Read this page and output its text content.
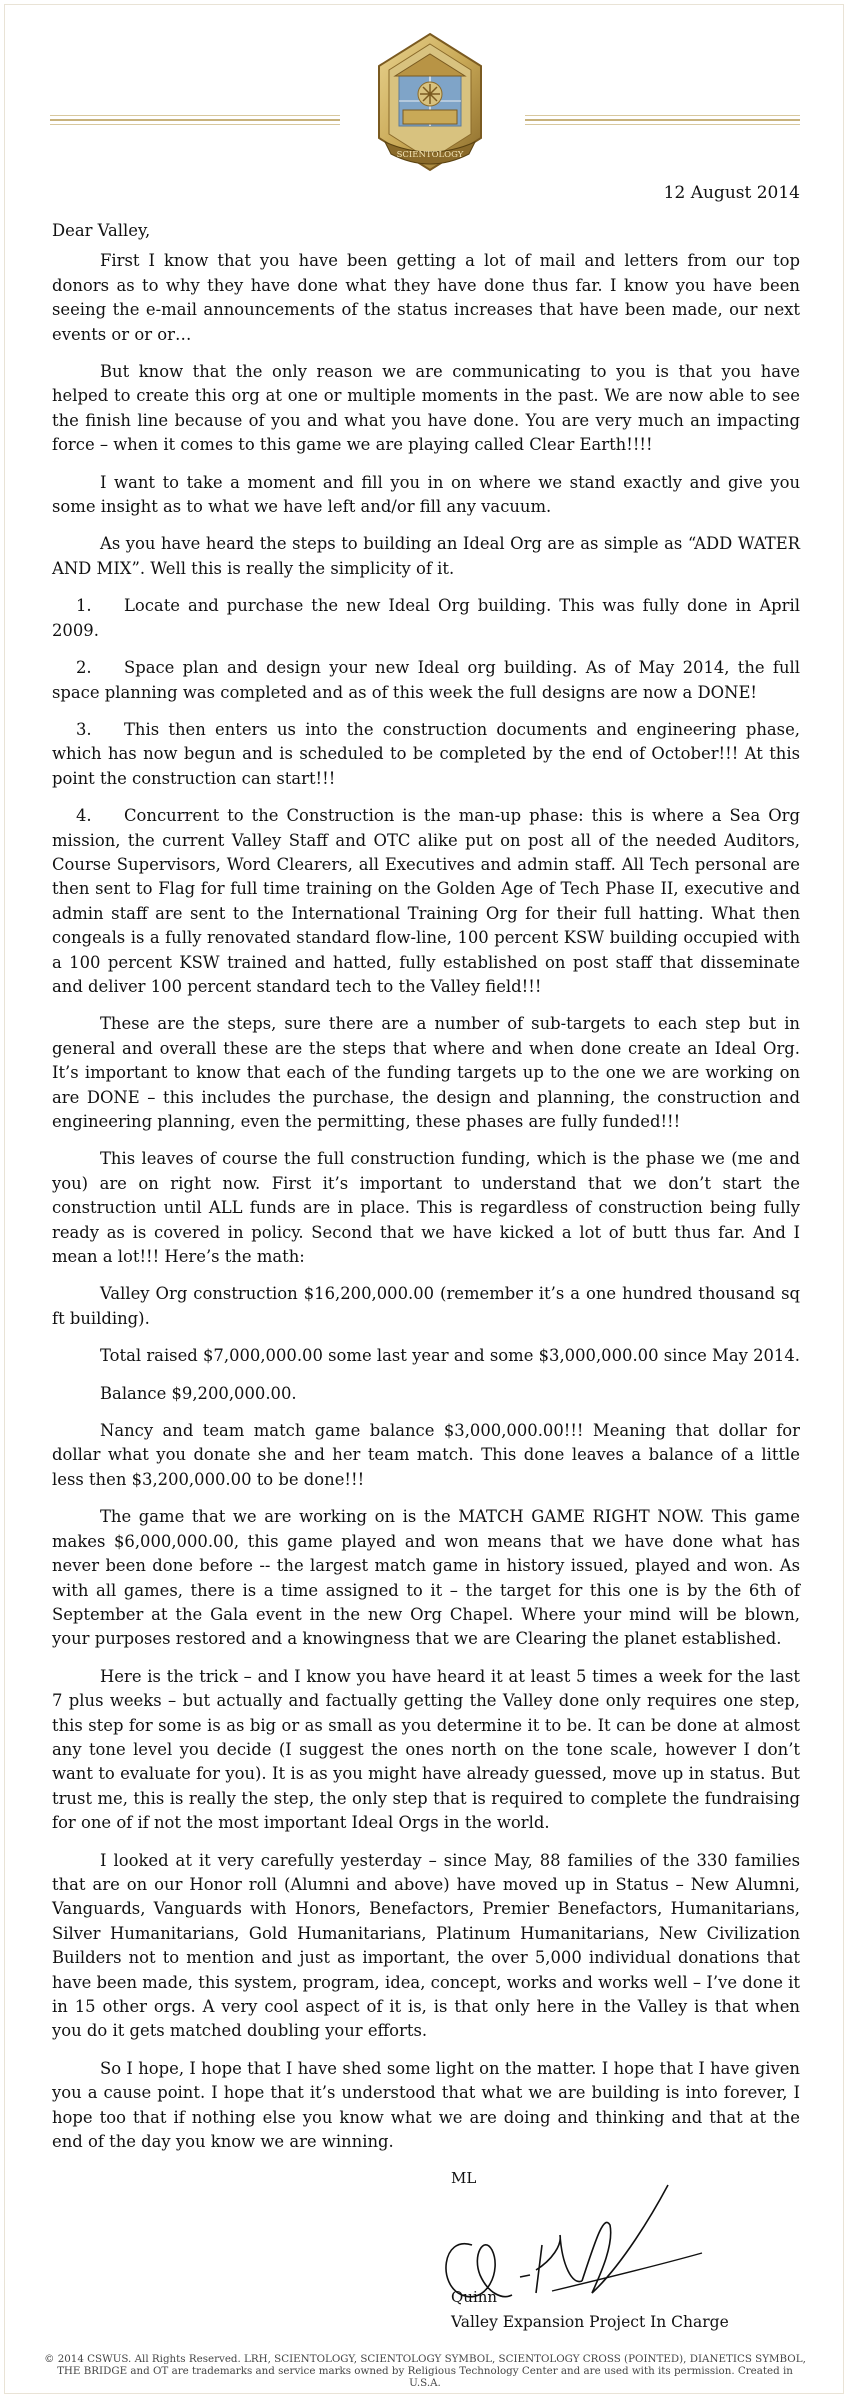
SCIENTOLOGY
12 August 2014

Dear Valley,

First I know that you have been getting a lot of mail and letters from our top donors as to why they have done what they have done thus far. I know you have been seeing the e-mail announcements of the status increases that have been made, our next events or or or…

But know that the only reason we are communicating to you is that you have helped to create this org at one or multiple moments in the past. We are now able to see the finish line because of you and what you have done. You are very much an impacting force – when it comes to this game we are playing called Clear Earth!!!!

I want to take a moment and fill you in on where we stand exactly and give you some insight as to what we have left and/or fill any vacuum.

As you have heard the steps to building an Ideal Org are as simple as “ADD WATER AND MIX”. Well this is really the simplicity of it.

1. Locate and purchase the new Ideal Org building. This was fully done in April 2009.

2. Space plan and design your new Ideal org building. As of May 2014, the full space planning was completed and as of this week the full designs are now a DONE!

3. This then enters us into the construction documents and engineering phase, which has now begun and is scheduled to be completed by the end of October!!! At this point the construction can start!!!

4. Concurrent to the Construction is the man-up phase: this is where a Sea Org mission, the current Valley Staff and OTC alike put on post all of the needed Auditors, Course Supervisors, Word Clearers, all Executives and admin staff. All Tech personal are then sent to Flag for full time training on the Golden Age of Tech Phase II, executive and admin staff are sent to the International Training Org for their full hatting. What then congeals is a fully renovated standard flow-line, 100 percent KSW building occupied with a 100 percent KSW trained and hatted, fully established on post staff that disseminate and deliver 100 percent standard tech to the Valley field!!!

These are the steps, sure there are a number of sub-targets to each step but in general and overall these are the steps that where and when done create an Ideal Org. It’s important to know that each of the funding targets up to the one we are working on are DONE – this includes the purchase, the design and planning, the construction and engineering planning, even the permitting, these phases are fully funded!!!

This leaves of course the full construction funding, which is the phase we (me and you) are on right now. First it’s important to understand that we don’t start the construction until ALL funds are in place. This is regardless of construction being fully ready as is covered in policy. Second that we have kicked a lot of butt thus far. And I mean a lot!!! Here’s the math:

Valley Org construction $16,200,000.00 (remember it’s a one hundred thousand sq ft building).

Total raised $7,000,000.00 some last year and some $3,000,000.00 since May 2014.

Balance $9,200,000.00.

Nancy and team match game balance $3,000,000.00!!! Meaning that dollar for dollar what you donate she and her team match. This done leaves a balance of a little less then $3,200,000.00 to be done!!!

The game that we are working on is the MATCH GAME RIGHT NOW. This game makes $6,000,000.00, this game played and won means that we have done what has never been done before -- the largest match game in history issued, played and won. As with all games, there is a time assigned to it – the target for this one is by the 6th of September at the Gala event in the new Org Chapel. Where your mind will be blown, your purposes restored and a knowingness that we are Clearing the planet established.

Here is the trick – and I know you have heard it at least 5 times a week for the last 7 plus weeks – but actually and factually getting the Valley done only requires one step, this step for some is as big or as small as you determine it to be. It can be done at almost any tone level you decide (I suggest the ones north on the tone scale, however I don’t want to evaluate for you). It is as you might have already guessed, move up in status. But trust me, this is really the step, the only step that is required to complete the fundraising for one of if not the most important Ideal Orgs in the world.

I looked at it very carefully yesterday – since May, 88 families of the 330 families that are on our Honor roll (Alumni and above) have moved up in Status – New Alumni, Vanguards, Vanguards with Honors, Benefactors, Premier Benefactors, Humanitarians, Silver Humanitarians, Gold Humanitarians, Platinum Humanitarians, New Civilization Builders not to mention and just as important, the over 5,000 individual donations that have been made, this system, program, idea, concept, works and works well – I’ve done it in 15 other orgs. A very cool aspect of it is, is that only here in the Valley is that when you do it gets matched doubling your efforts.

So I hope, I hope that I have shed some light on the matter. I hope that I have given you a cause point. I hope that it’s understood that what we are building is into forever, I hope too that if nothing else you know what we are doing and thinking and that at the end of the day you know we are winning.

ML
Quinn
Valley Expansion Project In Charge
© 2014 CSWUS. All Rights Reserved. LRH, SCIENTOLOGY, SCIENTOLOGY SYMBOL, SCIENTOLOGY CROSS (POINTED), DIANETICS SYMBOL,
THE BRIDGE and OT are trademarks and service marks owned by Religious Technology Center and are used with its permission. Created in U.S.A.
